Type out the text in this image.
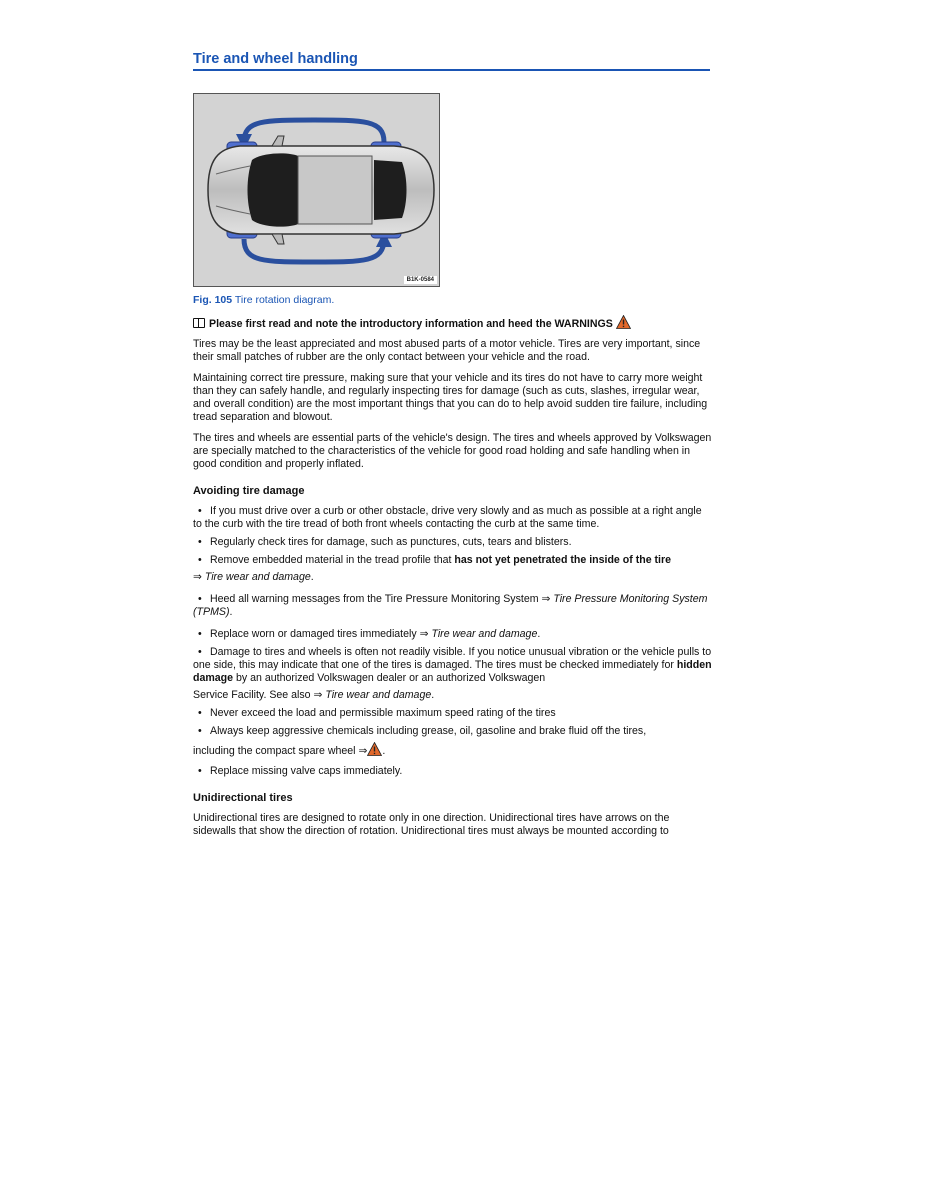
Tire and wheel handling
B1K-0584
Fig. 105 Tire rotation diagram.

Please first read and note the introductory information and heed the WARNINGS

Tires may be the least appreciated and most abused parts of a motor vehicle. Tires are very important, since their small patches of rubber are the only contact between your vehicle and the road.

Maintaining correct tire pressure, making sure that your vehicle and its tires do not have to carry more weight than they can safely handle, and regularly inspecting tires for damage (such as cuts, slashes, irregular wear, and overall condition) are the most important things that you can do to help avoid sudden tire failure, including tread separation and blowout.

The tires and wheels are essential parts of the vehicle's design. The tires and wheels approved by Volkswagen are specially matched to the characteristics of the vehicle for good road holding and safe handling when in good condition and properly inflated.

Avoiding tire damage
• If you must drive over a curb or other obstacle, drive very slowly and as much as possible at a right angle to the curb with the tire tread of both front wheels contacting the curb at the same time.
• Regularly check tires for damage, such as punctures, cuts, tears and blisters.
• Remove embedded material in the tread profile that has not yet penetrated the inside of the tire
⇒ Tire wear and damage.
• Heed all warning messages from the Tire Pressure Monitoring System ⇒ Tire Pressure Monitoring System (TPMS).
• Replace worn or damaged tires immediately ⇒ Tire wear and damage.
• Damage to tires and wheels is often not readily visible. If you notice unusual vibration or the vehicle pulls to one side, this may indicate that one of the tires is damaged. The tires must be checked immediately for hidden damage by an authorized Volkswagen dealer or an authorized Volkswagen
Service Facility. See also ⇒ Tire wear and damage.
• Never exceed the load and permissible maximum speed rating of the tires
• Always keep aggressive chemicals including grease, oil, gasoline and brake fluid off the tires,
including the compact spare wheel ⇒ .
• Replace missing valve caps immediately.
Unidirectional tires

Unidirectional tires are designed to rotate only in one direction. Unidirectional tires have arrows on the sidewalls that show the direction of rotation. Unidirectional tires must always be mounted according to
